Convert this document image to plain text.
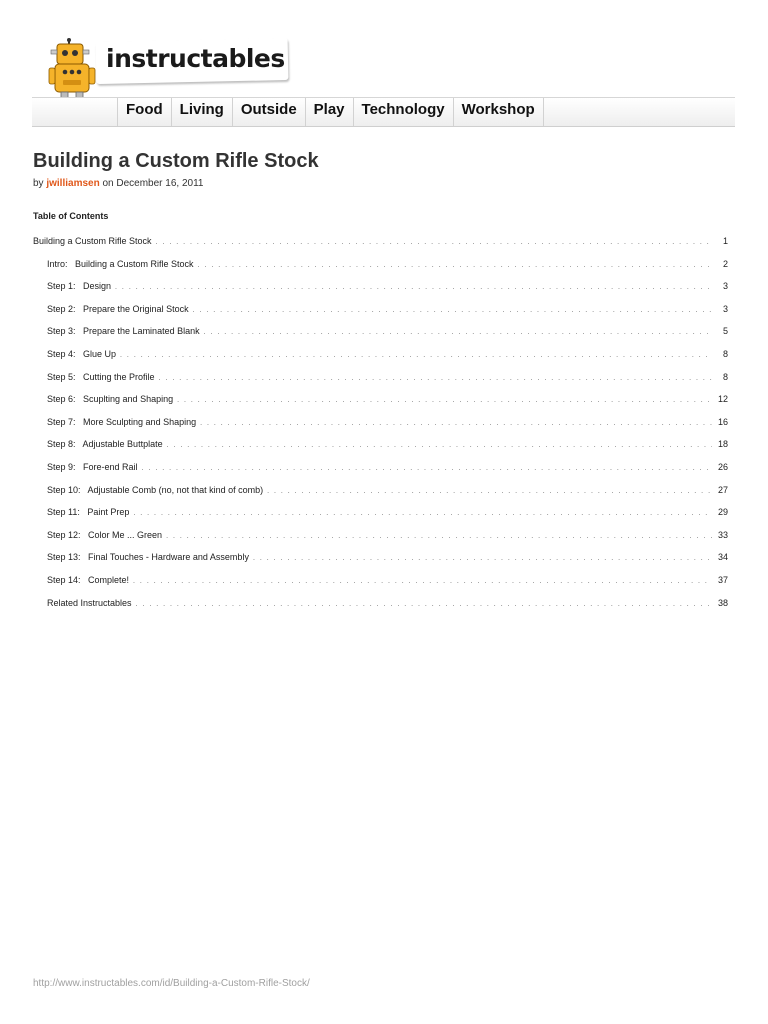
instructables
Food	Living	Outside	Play	Technology	Workshop
Building a Custom Rifle Stock
by jwilliamsen on December 16, 2011
Table of Contents
Building a Custom Rifle Stock . . .	1
Intro:   Building a Custom Rifle Stock . . .	2
Step 1:   Design . . .	3
Step 2:   Prepare the Original Stock . . .	3
Step 3:   Prepare the Laminated Blank . . .	5
Step 4:   Glue Up . . .	8
Step 5:   Cutting the Profile . . .	8
Step 6:   Scuplting and Shaping . . .	12
Step 7:   More Sculpting and Shaping . . .	16
Step 8:   Adjustable Buttplate . . .	18
Step 9:   Fore-end Rail . . .	26
Step 10:   Adjustable Comb (no, not that kind of comb) . . .	27
Step 11:   Paint Prep . . .	29
Step 12:   Color Me ... Green . . .	33
Step 13:   Final Touches - Hardware and Assembly . . .	34
Step 14:   Complete! . . .	37
Related Instructables . . .	38
http://www.instructables.com/id/Building-a-Custom-Rifle-Stock/
